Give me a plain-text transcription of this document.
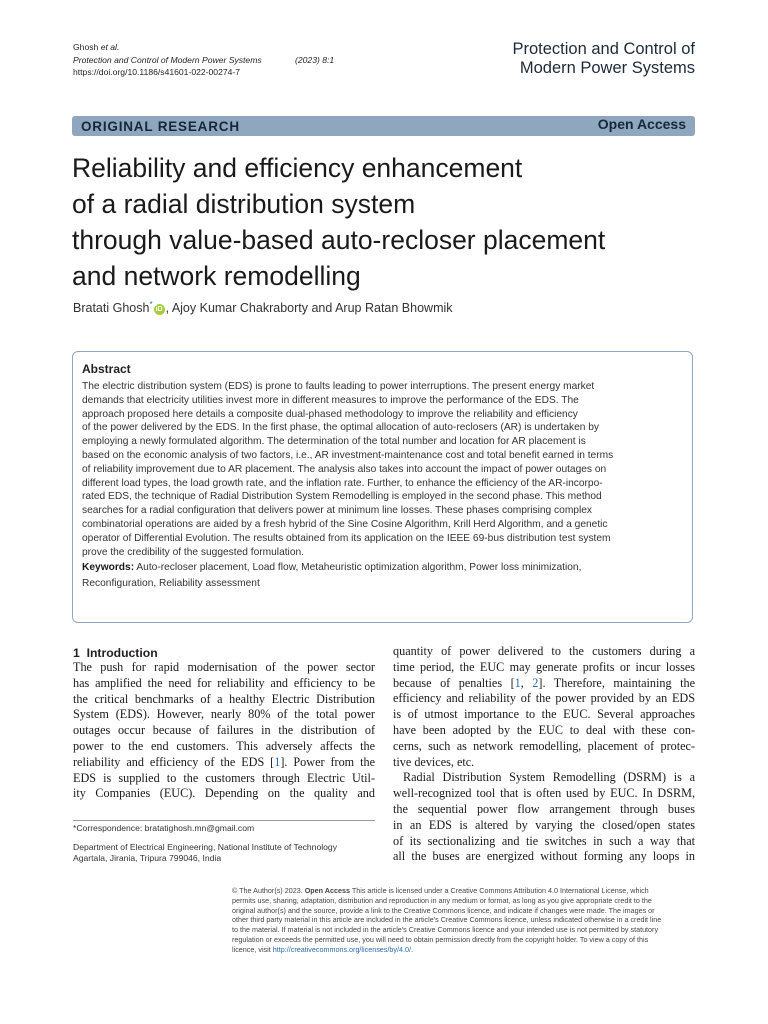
Ghosh et al.
Protection and Control of Modern Power Systems	(2023) 8:1
https://doi.org/10.1186/s41601-022-00274-7
Protection and Control of
Modern Power Systems
ORIGINAL RESEARCH	Open Access
Reliability and efficiency enhancement
of a radial distribution system
through value-based auto-recloser placement
and network remodelling
Bratati Ghosh*iD , Ajoy Kumar Chakraborty and Arup Ratan Bhowmik
Abstract
The electric distribution system (EDS) is prone to faults leading to power interruptions. The present energy market
demands that electricity utilities invest more in different measures to improve the performance of the EDS. The
approach proposed here details a composite dual-phased methodology to improve the reliability and efficiency
of the power delivered by the EDS. In the first phase, the optimal allocation of auto-reclosers (AR) is undertaken by
employing a newly formulated algorithm. The determination of the total number and location for AR placement is
based on the economic analysis of two factors, i.e., AR investment-maintenance cost and total benefit earned in terms
of reliability improvement due to AR placement. The analysis also takes into account the impact of power outages on
different load types, the load growth rate, and the inflation rate. Further, to enhance the efficiency of the AR-incorpo-
rated EDS, the technique of Radial Distribution System Remodelling is employed in the second phase. This method
searches for a radial configuration that delivers power at minimum line losses. These phases comprising complex
combinatorial operations are aided by a fresh hybrid of the Sine Cosine Algorithm, Krill Herd Algorithm, and a genetic
operator of Differential Evolution. The results obtained from its application on the IEEE 69-bus distribution test system
prove the credibility of the suggested formulation.
Keywords: Auto-recloser placement, Load flow, Metaheuristic optimization algorithm, Power loss minimization,
Reconfiguration, Reliability assessment
1 Introduction
The push for rapid modernisation of the power sector
has amplified the need for reliability and efficiency to be
the critical benchmarks of a healthy Electric Distribution
System (EDS). However, nearly 80% of the total power
outages occur because of failures in the distribution of
power to the end customers. This adversely affects the
reliability and efficiency of the EDS [1]. Power from the
EDS is supplied to the customers through Electric Util-
ity Companies (EUC). Depending on the quality and
quantity of power delivered to the customers during a
time period, the EUC may generate profits or incur losses
because of penalties [1, 2]. Therefore, maintaining the
efficiency and reliability of the power provided by an EDS
is of utmost importance to the EUC. Several approaches
have been adopted by the EUC to deal with these con-
cerns, such as network remodelling, placement of protec-
tive devices, etc.
Radial Distribution System Remodelling (DSRM) is a
well-recognized tool that is often used by EUC. In DSRM,
the sequential power flow arrangement through buses
in an EDS is altered by varying the closed/open states
of its sectionalizing and tie switches in such a way that
all the buses are energized without forming any loops in
*Correspondence: bratatighosh.mn@gmail.com
Department of Electrical Engineering, National Institute of Technology
Agartala, Jirania, Tripura 799046, India
© The Author(s) 2023. Open Access This article is licensed under a Creative Commons Attribution 4.0 International License, which
permits use, sharing, adaptation, distribution and reproduction in any medium or format, as long as you give appropriate credit to the
original author(s) and the source, provide a link to the Creative Commons licence, and indicate if changes were made. The images or
other third party material in this article are included in the article's Creative Commons licence, unless indicated otherwise in a credit line
to the material. If material is not included in the article's Creative Commons licence and your intended use is not permitted by statutory
regulation or exceeds the permitted use, you will need to obtain permission directly from the copyright holder. To view a copy of this
licence, visit http://creativecommons.org/licenses/by/4.0/.
